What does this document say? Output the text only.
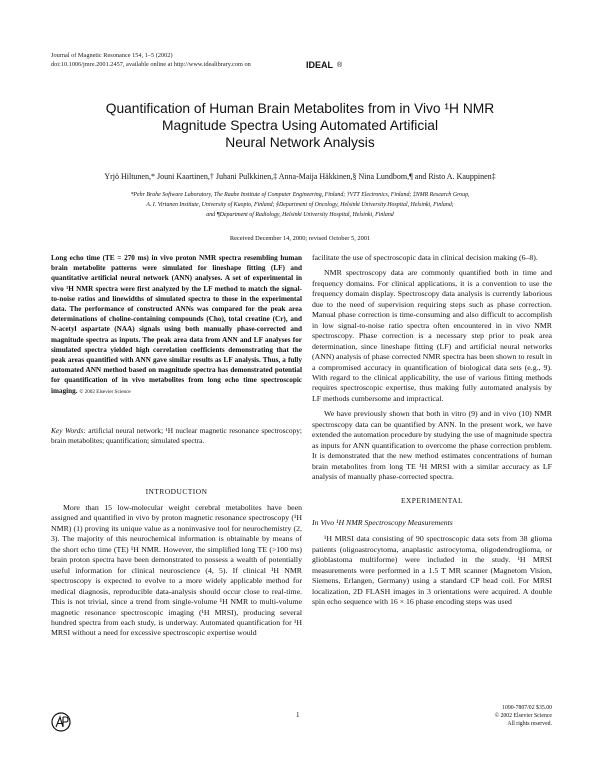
Journal of Magnetic Resonance 154, 1–5 (2002)
doi:10.1006/jmre.2001.2457, available online at http://www.idealibrary.com on	IDEAL ®
Quantification of Human Brain Metabolites from in Vivo ¹H NMR
Magnitude Spectra Using Automated Artificial
Neural Network Analysis
Yrjö Hiltunen,* Jouni Kaartinen,† Juhani Pulkkinen,‡ Anna-Maija Häkkinen,§ Nina Lundbom,¶ and Risto A. Kauppinen‡
*Pehr Brahe Software Laboratory, The Raahe Institute of Computer Engineering, Finland; †VTT Electronics, Finland; ‡NMR Research Group,
A. I. Virtanen Institute, University of Kuopio, Finland; §Department of Oncology, Helsinki University Hospital, Helsinki, Finland;
and ¶Department of Radiology, Helsinki University Hospital, Helsinki, Finland
Received December 14, 2000; revised October 5, 2001
Long echo time (TE = 270 ms) in vivo proton NMR spectra resembling human brain metabolite patterns were simulated for lineshape fitting (LF) and quantitative artificial neural network (ANN) analyses. A set of experimental in vivo ¹H NMR spectra were first analyzed by the LF method to match the signal-to-noise ratios and linewidths of simulated spectra to those in the experimental data. The performance of constructed ANNs was compared for the peak area determinations of choline-containing compounds (Cho), total creatine (Cr), and N-acetyl aspartate (NAA) signals using both manually phase-corrected and magnitude spectra as inputs. The peak area data from ANN and LF analyses for simulated spectra yielded high correlation coefficients demonstrating that the peak areas quantified with ANN gave similar results as LF analysis. Thus, a fully automated ANN method based on magnitude spectra has demonstrated potential for quantification of in vivo metabolites from long echo time spectroscopic imaging. © 2002 Elsevier Science
Key Words: artificial neural network; ¹H nuclear magnetic resonance spectroscopy; brain metabolites; quantification; simulated spectra.
INTRODUCTION

More than 15 low-molecular weight cerebral metabolites have been assigned and quantified in vivo by proton magnetic resonance spectroscopy (¹H NMR) (1) proving its unique value as a noninvasive tool for neurochemistry (2, 3). The majority of this neurochemical information is obtainable by means of the short echo time (TE) ¹H NMR. However, the simplified long TE (>100 ms) brain proton spectra have been demonstrated to possess a wealth of potentially useful information for clinical neuroscience (4, 5). If clinical ¹H NMR spectroscopy is expected to evolve to a more widely applicable method for medical diagnosis, reproducible data-analysis should occur close to real-time. This is not trivial, since a trend from single-volume ¹H NMR to multi-volume magnetic resonance spectroscopic imaging (¹H MRSI), producing several hundred spectra from each study, is underway. Automated quantification for ¹H MRSI without a need for excessive spectroscopic expertise would

facilitate the use of spectroscopic data in clinical decision making (6–8).

NMR spectroscopy data are commonly quantified both in time and frequency domains. For clinical applications, it is a convention to use the frequency domain display. Spectroscopy data analysis is currently laborious due to the need of supervision requiring steps such as phase correction. Manual phase correction is time-consuming and also difficult to accomplish in low signal-to-noise ratio spectra often encountered in in vivo NMR spectroscopy. Phase correction is a necessary step prior to peak area determination, since lineshape fitting (LF) and artificial neural networks (ANN) analysis of phase corrected NMR spectra has been shown to result in a compromised accuracy in quantification of biological data sets (e.g., 9). With regard to the clinical applicability, the use of various fitting methods requires spectroscopic expertise, thus making fully automated analysis by LF methods cumbersome and impractical.

We have previously shown that both in vitro (9) and in vivo (10) NMR spectroscopy data can be quantified by ANN. In the present work, we have extended the automation procedure by studying the use of magnitude spectra as inputs for ANN quantification to overcome the phase correction problem. It is demonstrated that the new method estimates concentrations of human brain metabolites from long TE ¹H MRSI with a similar accuracy as LF analysis of manually phase-corrected spectra.

EXPERIMENTAL

In Vivo ¹H NMR Spectroscopy Measurements

¹H MRSI data consisting of 90 spectroscopic data sets from 38 glioma patients (oligoastrocytoma, anaplastic astrocytoma, oligodendroglioma, or glioblastoma multiforme) were included in the study. ¹H MRSI measurements were performed in a 1.5 T MR scanner (Magnetom Vision, Siemens, Erlangen, Germany) using a standard CP head coil. For MRSI localization, 2D FLASH images in 3 orientations were acquired. A double spin echo sequence with 16 × 16 phase encoding steps was used

1
1090-7807/02 $35.00
© 2002 Elsevier Science
All rights reserved.
